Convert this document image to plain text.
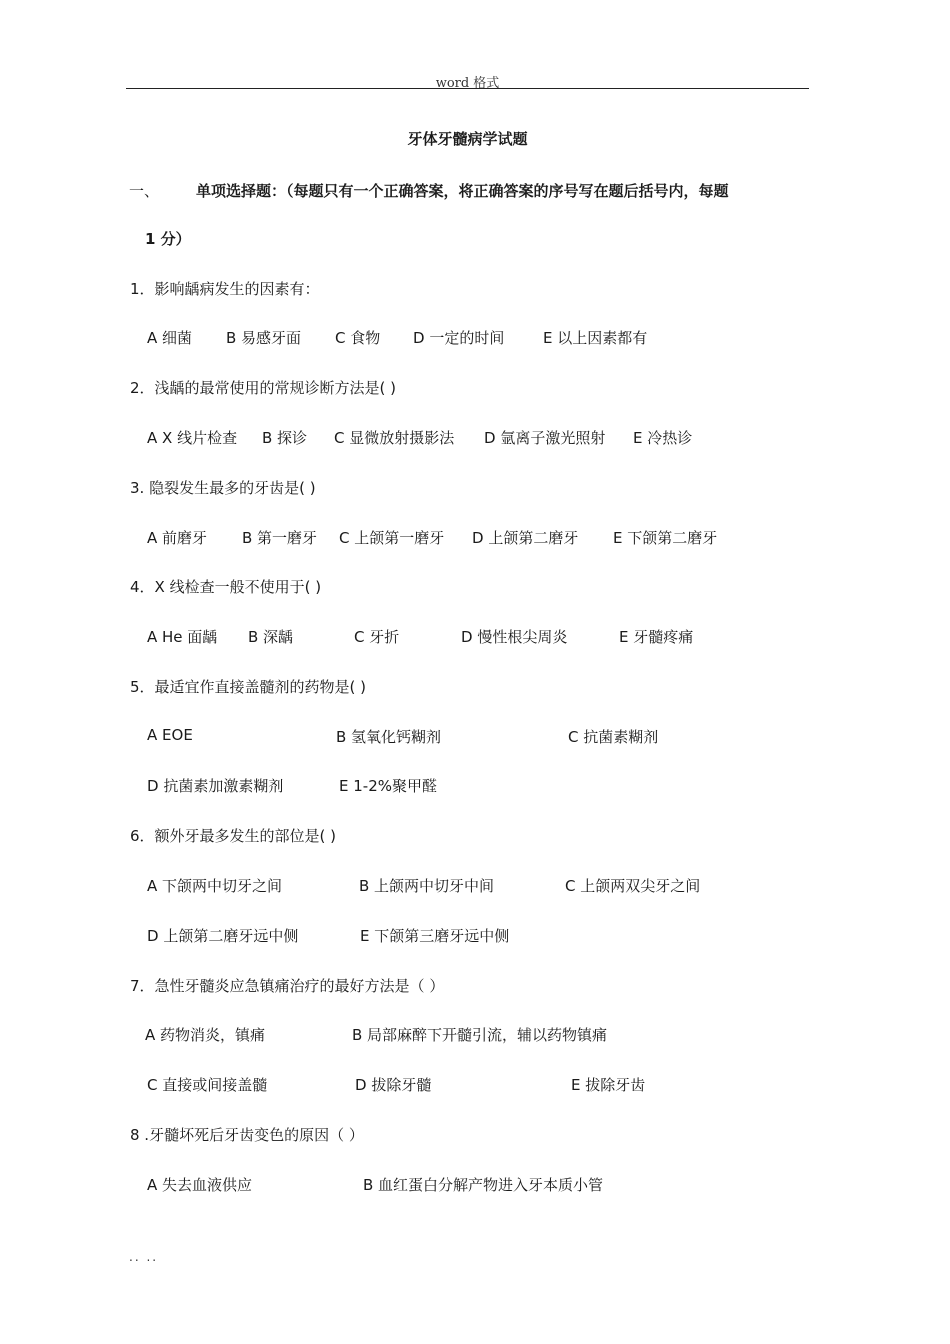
word 格式
牙体牙髓病学试题
一、 单项选择题：（每题只有一个正确答案，将正确答案的序号写在题后括号内，每题
1 分）
1．影响龋病发生的因素有：
A 细菌 B 易感牙面 C 食物 D 一定的时间	E 以上因素都有
2．浅龋的最常使用的常规诊断方法是( )
A X 线片检查 B 探诊 C 显微放射摄影法 D 氩离子激光照射 E 冷热诊
3. 隐裂发生最多的牙齿是( )
A 前磨牙 B 第一磨牙 C 上颌第一磨牙 D 上颌第二磨牙 E 下颌第二磨牙
4．X 线检查一般不使用于( )
A He 面龋 B 深龋	C 牙折	D 慢性根尖周炎	E 牙髓疼痛
5．最适宜作直接盖髓剂的药物是( )
A EOE	B 氢氧化钙糊剂	C 抗菌素糊剂
D 抗菌素加激素糊剂	E 1-2%聚甲醛
6．额外牙最多发生的部位是( )
A 下颌两中切牙之间	B 上颌两中切牙中间	C 上颌两双尖牙之间
D 上颌第二磨牙远中侧	E 下颌第三磨牙远中侧
7．急性牙髓炎应急镇痛治疗的最好方法是（ ）
A 药物消炎，镇痛	B 局部麻醉下开髓引流，辅以药物镇痛
C 直接或间接盖髓	D 拔除牙髓	E 拔除牙齿
8 .牙髓坏死后牙齿变色的原因（ ）
A 失去血液供应	B 血红蛋白分解产物进入牙本质小管
.. ..
